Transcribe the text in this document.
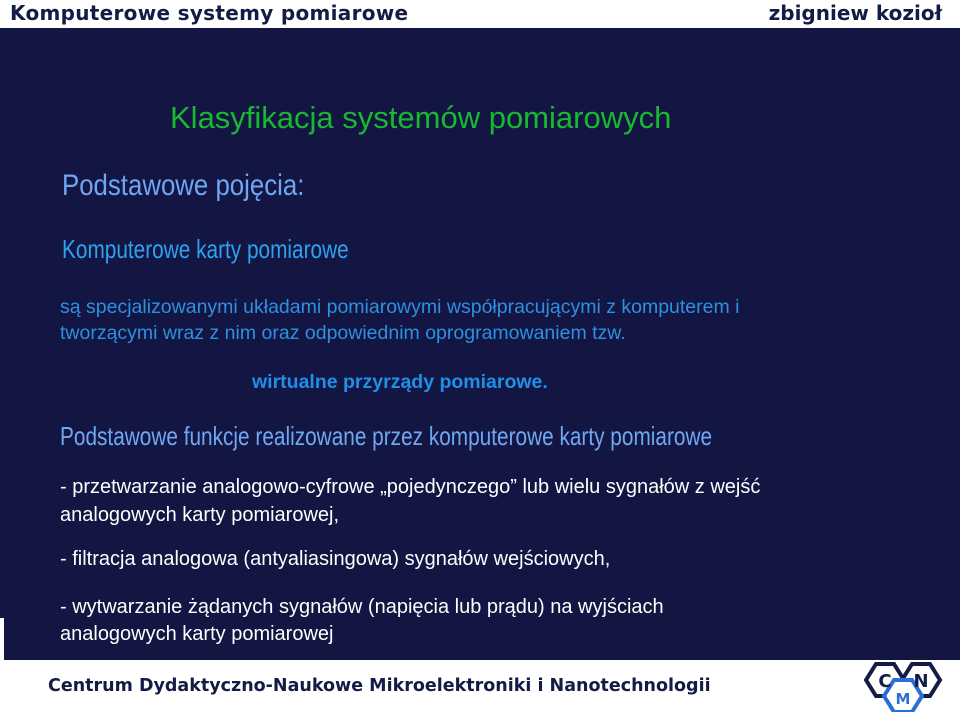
Komputerowe systemy pomiarowe	zbigniew kozioł
Klasyfikacja systemów pomiarowych
Podstawowe pojęcia:
Komputerowe karty pomiarowe
są specjalizowanymi układami pomiarowymi współpracującymi z komputerem i
tworzącymi wraz z nim oraz odpowiednim oprogramowaniem tzw.
wirtualne przyrządy pomiarowe.
Podstawowe funkcje realizowane przez komputerowe karty pomiarowe
- przetwarzanie analogowo-cyfrowe „pojedynczego” lub wielu sygnałów z wejść
analogowych karty pomiarowej,
- filtracja analogowa (antyaliasingowa) sygnałów wejściowych,
- wytwarzanie żądanych sygnałów (napięcia lub prądu) na wyjściach
analogowych karty pomiarowej
Centrum Dydaktyczno-Naukowe Mikroelektroniki i Nanotechnologii	C
M
N
